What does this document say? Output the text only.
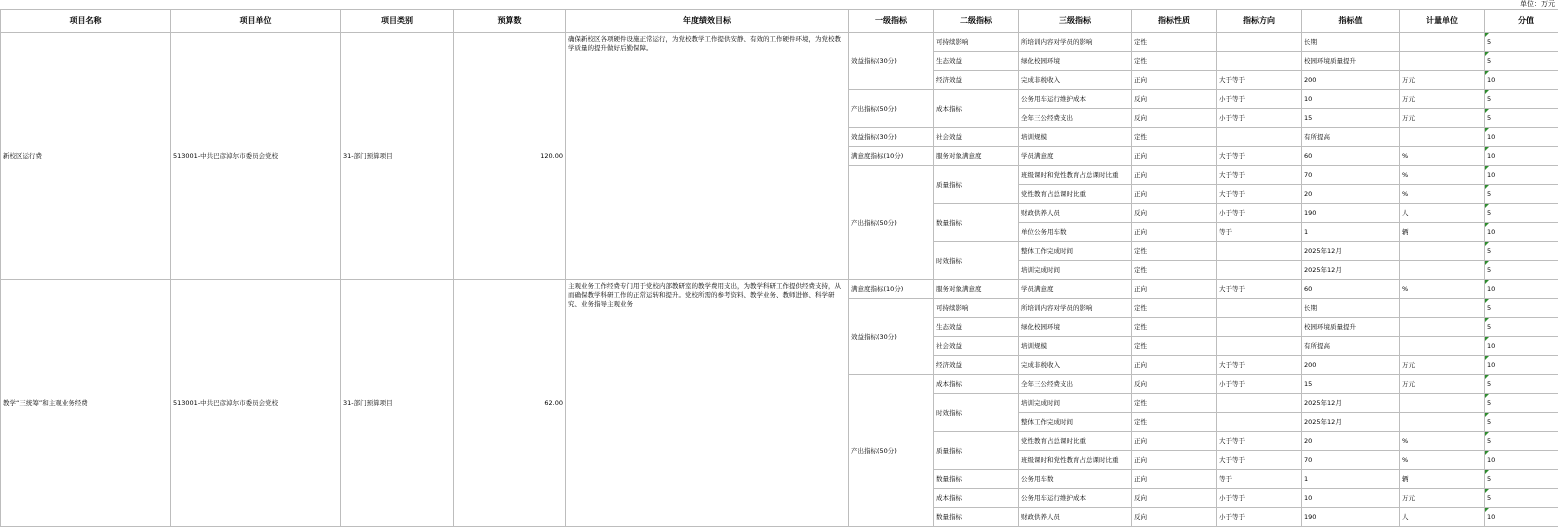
单位：万元
项目名称	项目单位	项目类别	预算数	年度绩效目标	一级指标	二级指标	三级指标	指标性质	指标方向	指标值	计量单位	分值
新校区运行费	513001-中共巴彦淖尔市委员会党校	31-部门预算项目	120.00	确保新校区各项硬件设施正常运行，为党校教学工作提供安静、有效的工作硬件环境，为党校教学质量的提升做好后勤保障。	效益指标(30分)	可持续影响	所培训内容对学员的影响	定性		长期		5
						生态效益	绿化校园环境	定性		校园环境质量提升		5
						经济效益	完成非税收入	正向	大于等于	200	万元	10
					产出指标(50分)	成本指标	公务用车运行维护成本	反向	小于等于	10	万元	5
							全年三公经费支出	反向	小于等于	15	万元	5
					效益指标(30分)	社会效益	培训规模	定性		有所提高		10
					满意度指标(10分)	服务对象满意度	学员满意度	正向	大于等于	60	%	10
					产出指标(50分)	质量指标	班级课时和党性教育占总课时比重	正向	大于等于	70	%	10
							党性教育占总课时比重	正向	大于等于	20	%	5
						数量指标	财政供养人员	反向	小于等于	190	人	5
							单位公务用车数	正向	等于	1	辆	10
						时效指标	整体工作完成时间	定性		2025年12月		5
							培训完成时间	定性		2025年12月		5
教学“三统筹”和主观业务经费	513001-中共巴彦淖尔市委员会党校	31-部门预算项目	62.00	主观业务工作经费专门用于党校内部教研室的教学费用支出，为教学科研工作提供经费支持，从而确保教学科研工作的正常运转和提升。党校所需的参考资料、教学业务、教师进修、科学研究、业务指导主观业务	满意度指标(10分)	服务对象满意度	学员满意度	正向	大于等于	60	%	10
					效益指标(30分)	可持续影响	所培训内容对学员的影响	定性		长期		5
						生态效益	绿化校园环境	定性		校园环境质量提升		5
						社会效益	培训规模	定性		有所提高		10
						经济效益	完成非税收入	正向	大于等于	200	万元	10
					产出指标(50分)	成本指标	全年三公经费支出	反向	小于等于	15	万元	5
						时效指标	培训完成时间	定性		2025年12月		5
							整体工作完成时间	定性		2025年12月		5
						质量指标	党性教育占总课时比重	正向	大于等于	20	%	5
							班级课时和党性教育占总课时比重	正向	大于等于	70	%	10
						数量指标	公务用车数	正向	等于	1	辆	5
						成本指标	公务用车运行维护成本	反向	小于等于	10	万元	5
						数量指标	财政供养人员	反向	小于等于	190	人	10
